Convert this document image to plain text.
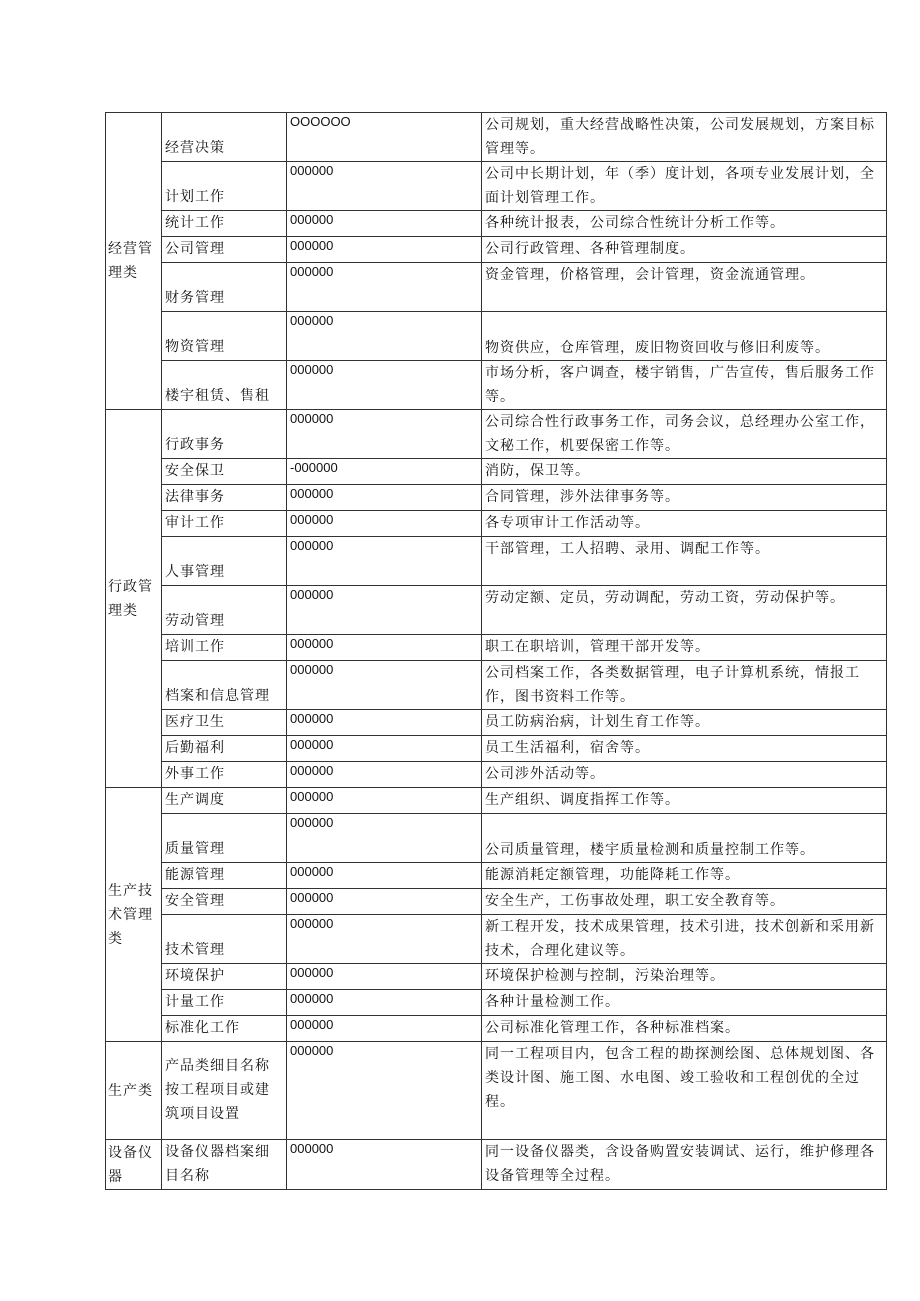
经营管理类	经营决策	OOOOOO	公司规划，重大经营战略性决策，公司发展规划，方案目标管理等。
	计划工作	000000	公司中长期计划，年（季）度计划，各项专业发展计划，全面计划管理工作。
	统计工作	000000	各种统计报表，公司综合性统计分析工作等。
	公司管理	000000	公司行政管理、各种管理制度。
	财务管理	000000	资金管理，价格管理，会计管理，资金流通管理。
	物资管理	000000	物资供应，仓库管理，废旧物资回收与修旧利废等。
	楼宇租赁、售租	000000	市场分析，客户调查，楼宇销售，广告宣传，售后服务工作等。
行政管理类	行政事务	000000	公司综合性行政事务工作，司务会议，总经理办公室工作，文秘工作，机要保密工作等。
	安全保卫	-000000	消防，保卫等。
	法律事务	000000	合同管理，涉外法律事务等。
	审计工作	000000	各专项审计工作活动等。
	人事管理	000000	干部管理，工人招聘、录用、调配工作等。
	劳动管理	000000	劳动定额、定员，劳动调配，劳动工资，劳动保护等。
	培训工作	000000	职工在职培训，管理干部开发等。
	档案和信息管理	000000	公司档案工作，各类数据管理，电子计算机系统，情报工作，图书资料工作等。
	医疗卫生	000000	员工防病治病，计划生育工作等。
	后勤福利	000000	员工生活福利，宿舍等。
	外事工作	000000	公司涉外活动等。
生产技术管理类	生产调度	000000	生产组织、调度指挥工作等。
	质量管理	000000	公司质量管理，楼宇质量检测和质量控制工作等。
	能源管理	000000	能源消耗定额管理，功能降耗工作等。
	安全管理	000000	安全生产，工伤事故处理，职工安全教育等。
	技术管理	000000	新工程开发，技术成果管理，技术引进，技术创新和采用新技术，合理化建议等。
	环境保护	000000	环境保护检测与控制，污染治理等。
	计量工作	000000	各种计量检测工作。
	标准化工作	000000	公司标准化管理工作，各种标准档案。
生产类	产品类细目名称按工程项目或建筑项目设置	000000	同一工程项目内，包含工程的勘探测绘图、总体规划图、各类设计图、施工图、水电图、竣工验收和工程创优的全过程。
设备仪器	设备仪器档案细目名称	000000	同一设备仪器类，含设备购置安装调试、运行，维护修理各设备管理等全过程。
